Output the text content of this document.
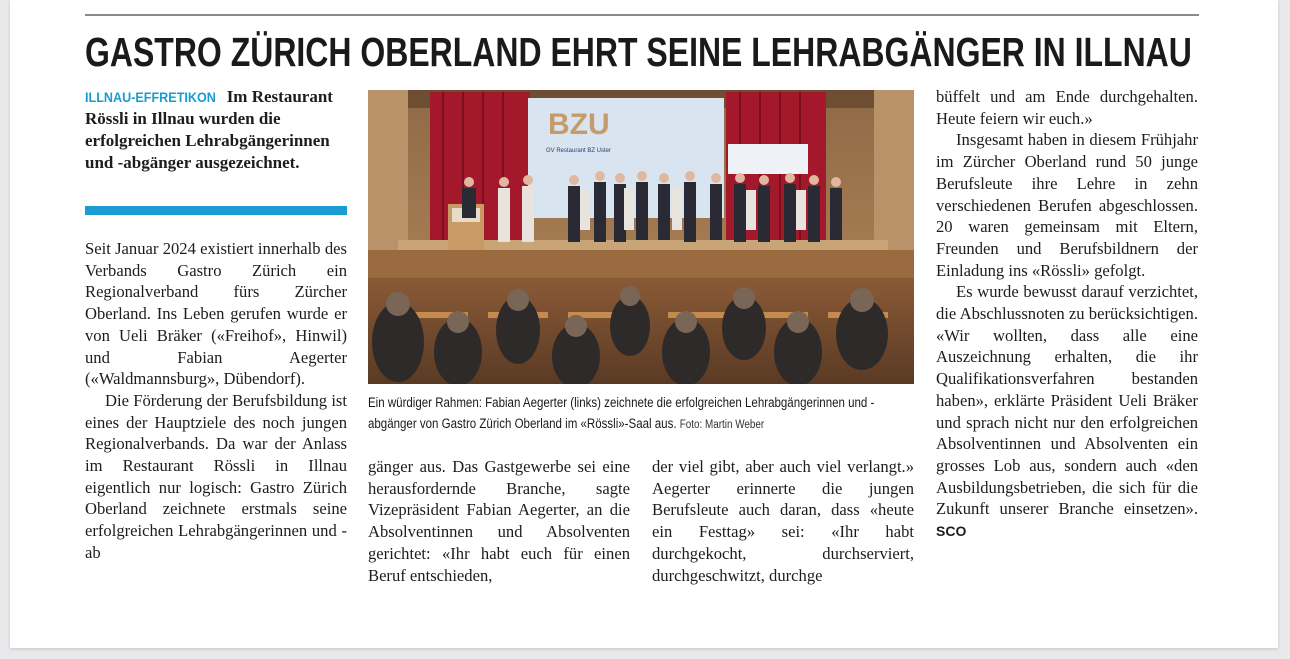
GASTRO ZÜRICH OBERLAND EHRT SEINE LEHRABGÄNGER IN ILLNAU
ILLNAU-EFFRETIKON Im Restaurant Rössli in Illnau wurden die erfolgreichen Lehrabgängerinnen und -abgänger ausgezeichnet.

Seit Januar 2024 existiert innerhalb des Verbands Gastro Zürich ein Regionalverband fürs Zürcher Oberland. Ins Leben gerufen wurde er von Ueli Bräker («Freihof», Hinwil) und Fabian Aegerter («Waldmannsburg», Dübendorf).

Die Förderung der Berufsbildung ist eines der Hauptziele des noch jungen Regionalverbands. Da war der Anlass im Restaurant Rössli in Illnau eigentlich nur logisch: Gastro Zürich Oberland zeichnete erstmals seine erfolgreichen Lehrabgängerinnen und -ab

BZU
GV Restaurant BZ Uster
Ein würdiger Rahmen: Fabian Aegerter (links) zeichnete die erfolgreichen Lehrabgängerinnen und -abgänger von Gastro Zürich Oberland im «Rössli»-Saal aus. Foto: Martin Weber

gänger aus. Das Gastgewerbe sei eine herausfordernde Branche, sagte Vizepräsident Fabian Aegerter, an die Absolventinnen und Absolventen gerichtet: «Ihr habt euch für einen Beruf entschieden,

der viel gibt, aber auch viel verlangt.» Aegerter erinnerte die jungen Berufsleute auch daran, dass «heute ein Festtag» sei: «Ihr habt durchgekocht, durchserviert, durchgeschwitzt, durchge

büffelt und am Ende durchgehalten. Heute feiern wir euch.»

Insgesamt haben in diesem Frühjahr im Zürcher Oberland rund 50 junge Berufsleute ihre Lehre in zehn verschiedenen Berufen abgeschlossen. 20 waren gemeinsam mit Eltern, Freunden und Berufsbildnern der Einladung ins «Rössli» gefolgt.

Es wurde bewusst darauf verzichtet, die Abschlussnoten zu berücksichtigen. «Wir wollten, dass alle eine Auszeichnung erhalten, die ihr Qualifikationsverfahren bestanden haben», erklärte Präsident Ueli Bräker und sprach nicht nur den erfolgreichen Absolventinnen und Absolventen ein grosses Lob aus, sondern auch «den Ausbildungsbetrieben, die sich für die Zukunft unserer Branche einsetzen». SCO
